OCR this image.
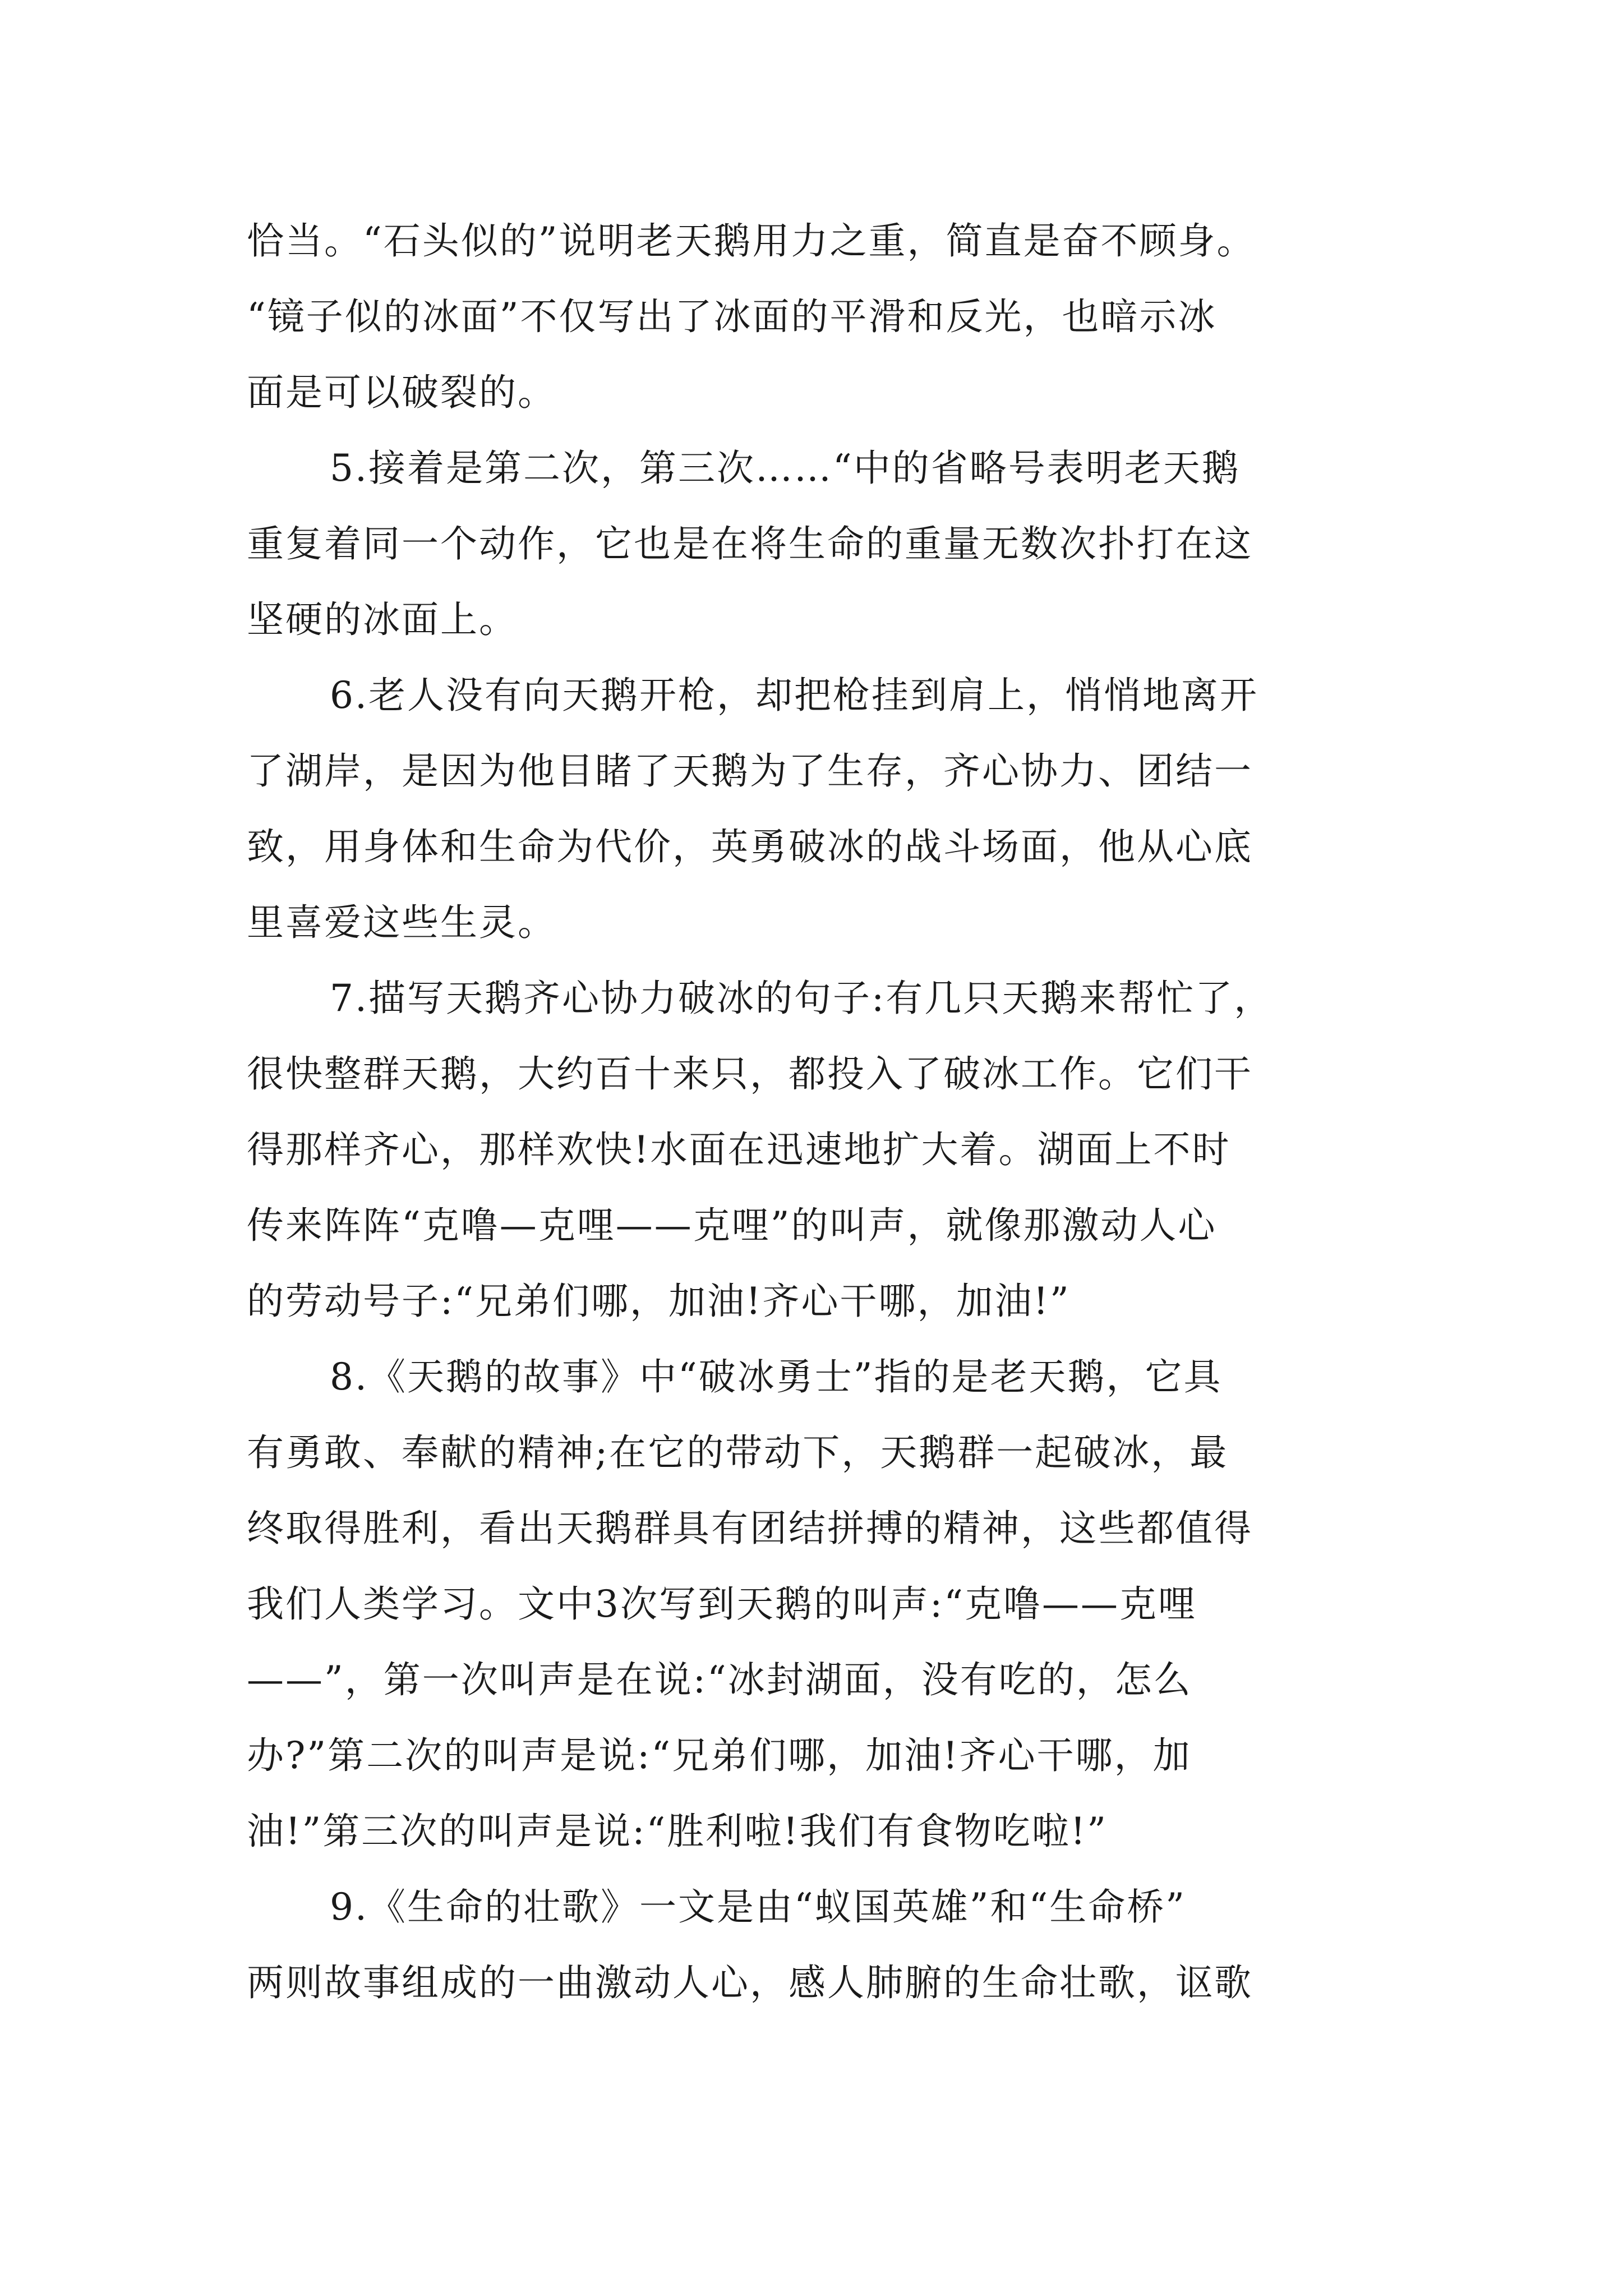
恰当。“石头似的”说明老天鹅用力之重，简直是奋不顾身。
“镜子似的冰面”不仅写出了冰面的平滑和反光，也暗示冰
面是可以破裂的。
5.接着是第二次，第三次……“中的省略号表明老天鹅
重复着同一个动作，它也是在将生命的重量无数次扑打在这
坚硬的冰面上。
6.老人没有向天鹅开枪，却把枪挂到肩上，悄悄地离开
了湖岸，是因为他目睹了天鹅为了生存，齐心协力、团结一
致，用身体和生命为代价，英勇破冰的战斗场面，他从心底
里喜爱这些生灵。
7.描写天鹅齐心协力破冰的句子:有几只天鹅来帮忙了，
很快整群天鹅，大约百十来只，都投入了破冰工作。它们干
得那样齐心，那样欢快!水面在迅速地扩大着。湖面上不时
传来阵阵“克噜—克哩——克哩”的叫声，就像那激动人心
的劳动号子:“兄弟们哪，加油!齐心干哪，加油!”
8.《天鹅的故事》中“破冰勇士”指的是老天鹅，它具
有勇敢、奉献的精神;在它的带动下，天鹅群一起破冰，最
终取得胜利，看出天鹅群具有团结拼搏的精神，这些都值得
我们人类学习。文中3次写到天鹅的叫声:“克噜——克哩
——”，第一次叫声是在说:“冰封湖面，没有吃的，怎么
办?”第二次的叫声是说:“兄弟们哪，加油!齐心干哪，加
油!”第三次的叫声是说:“胜利啦!我们有食物吃啦!”
9.《生命的壮歌》一文是由“蚁国英雄”和“生命桥”
两则故事组成的一曲激动人心，感人肺腑的生命壮歌，讴歌
